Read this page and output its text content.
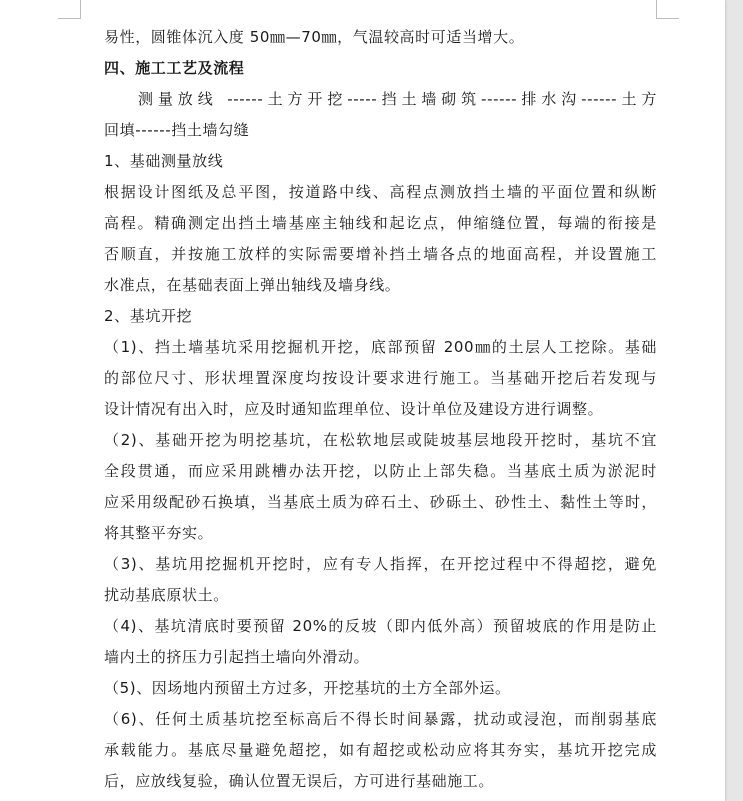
易性，圆锥体沉入度 50㎜—70㎜，气温较高时可适当增大。
四、施工工艺及流程
测量放线 ------土方开挖-----挡土墙砌筑------排水沟------土方
回填------挡土墙勾缝
1、基础测量放线
根据设计图纸及总平图，按道路中线、高程点测放挡土墙的平面位置和纵断
高程。精确测定出挡土墙基座主轴线和起讫点，伸缩缝位置，每端的衔接是
否顺直，并按施工放样的实际需要增补挡土墙各点的地面高程，并设置施工
水准点，在基础表面上弹出轴线及墙身线。
2、基坑开挖
（1)、挡土墙基坑采用挖掘机开挖，底部预留 200㎜的土层人工挖除。基础
的部位尺寸、形状埋置深度均按设计要求进行施工。当基础开挖后若发现与
设计情况有出入时，应及时通知监理单位、设计单位及建设方进行调整。
（2)、基础开挖为明挖基坑，在松软地层或陡坡基层地段开挖时，基坑不宜
全段贯通，而应采用跳槽办法开挖，以防止上部失稳。当基底土质为淤泥时
应采用级配砂石换填，当基底土质为碎石土、砂砾土、砂性土、黏性土等时，
将其整平夯实。
（3)、基坑用挖掘机开挖时，应有专人指挥，在开挖过程中不得超挖，避免
扰动基底原状土。
（4)、基坑清底时要预留 20%的反坡（即内低外高）预留坡底的作用是防止
墙内土的挤压力引起挡土墙向外滑动。
（5)、因场地内预留土方过多，开挖基坑的土方全部外运。
（6)、任何土质基坑挖至标高后不得长时间暴露，扰动或浸泡，而削弱基底
承载能力。基底尽量避免超挖，如有超挖或松动应将其夯实，基坑开挖完成
后，应放线复验，确认位置无误后，方可进行基础施工。
